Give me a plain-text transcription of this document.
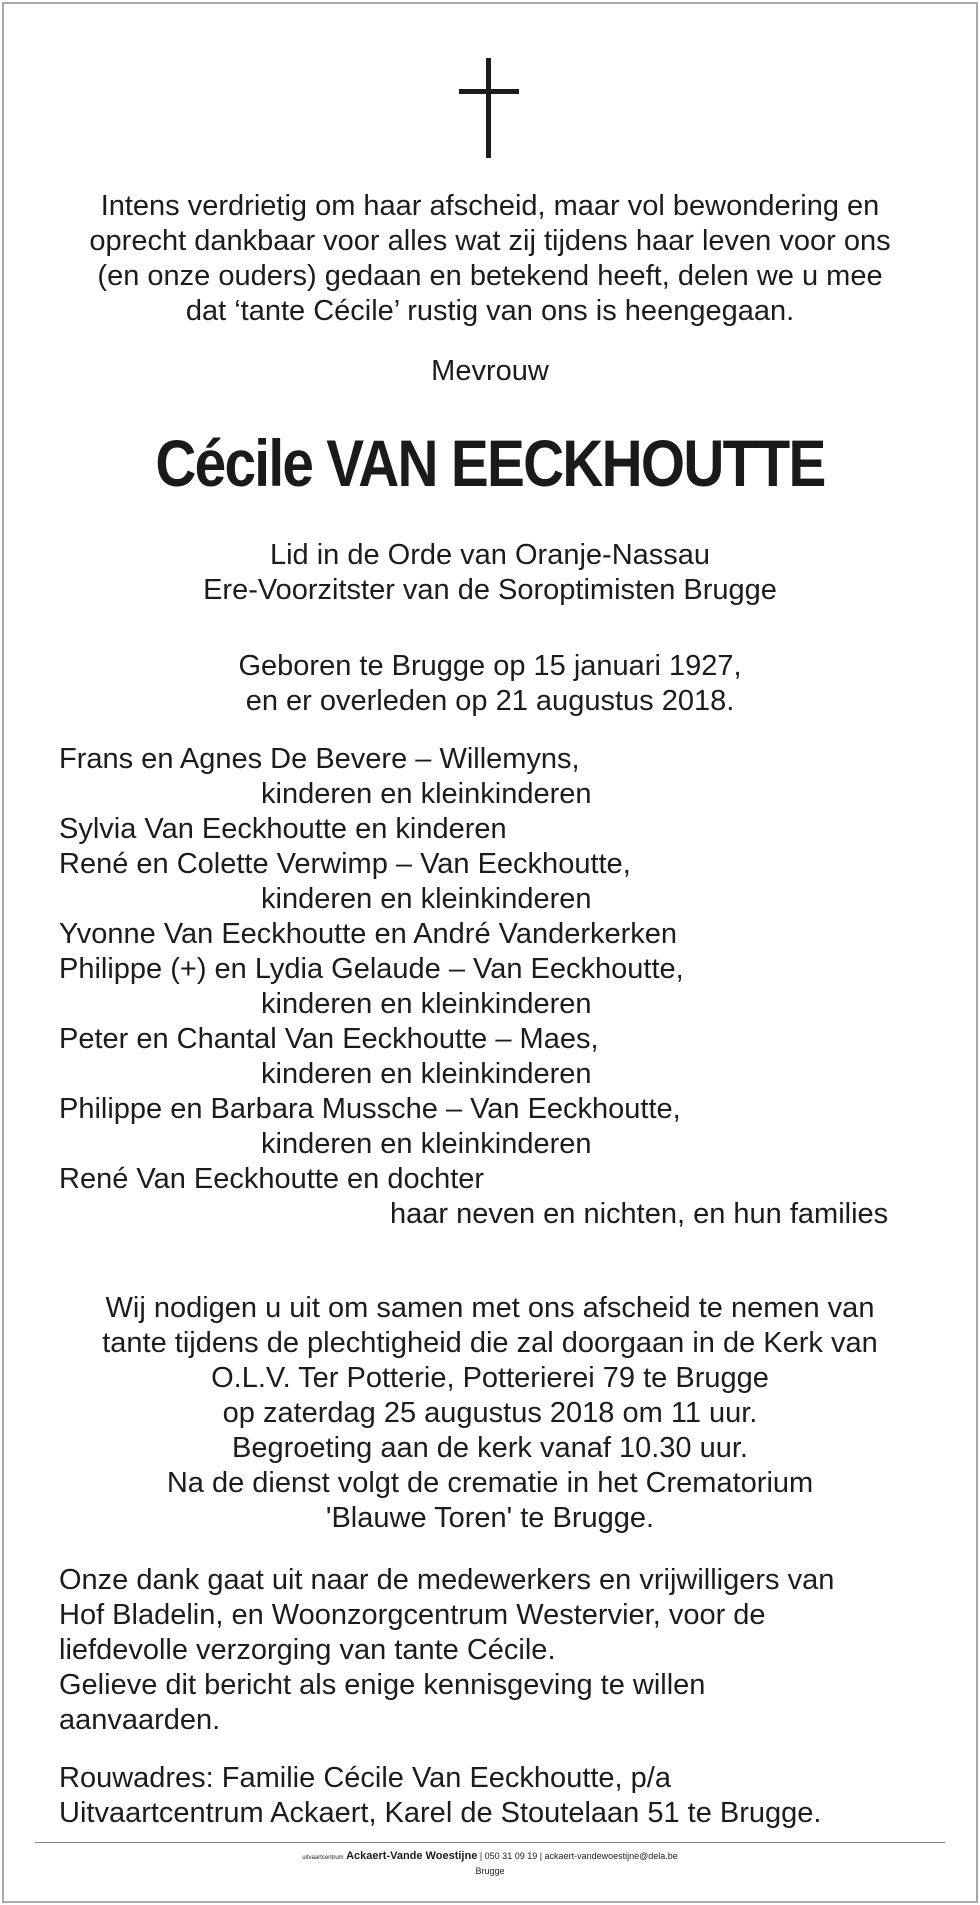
Intens verdrietig om haar afscheid, maar vol bewondering en

oprecht dankbaar voor alles wat zij tijdens haar leven voor ons

(en onze ouders) gedaan en betekend heeft, delen we u mee

dat ‘tante Cécile’ rustig van ons is heengegaan.

Mevrouw
Cécile VAN EECKHOUTTE

Lid in de Orde van Oranje-Nassau

Ere-Voorzitster van de Soroptimisten Brugge

Geboren te Brugge op 15 januari 1927,

en er overleden op 21 augustus 2018.

Frans en Agnes De Bevere – Willemyns,

kinderen en kleinkinderen

Sylvia Van Eeckhoutte en kinderen

René en Colette Verwimp – Van Eeckhoutte,

kinderen en kleinkinderen

Yvonne Van Eeckhoutte en André Vanderkerken

Philippe (+) en Lydia Gelaude – Van Eeckhoutte,

kinderen en kleinkinderen

Peter en Chantal Van Eeckhoutte – Maes,

kinderen en kleinkinderen

Philippe en Barbara Mussche – Van Eeckhoutte,

kinderen en kleinkinderen

René Van Eeckhoutte en dochter

haar neven en nichten, en hun families

Wij nodigen u uit om samen met ons afscheid te nemen van

tante tijdens de plechtigheid die zal doorgaan in de Kerk van

O.L.V. Ter Potterie, Potterierei 79 te Brugge

op zaterdag 25 augustus 2018 om 11 uur.

Begroeting aan de kerk vanaf 10.30 uur.

Na de dienst volgt de crematie in het Crematorium

'Blauwe Toren' te Brugge.

Onze dank gaat uit naar de medewerkers en vrijwilligers van

Hof Bladelin, en Woonzorgcentrum Westervier, voor de

liefdevolle verzorging van tante Cécile.

Gelieve dit bericht als enige kennisgeving te willen

aanvaarden.

Rouwadres: Familie Cécile Van Eeckhoutte, p/a

Uitvaartcentrum Ackaert, Karel de Stoutelaan 51 te Brugge.

uitvaartcentrum Ackaert-Vande Woestijne | 050 31 09 19 | ackaert-vandewoestijne@dela.be
Brugge
